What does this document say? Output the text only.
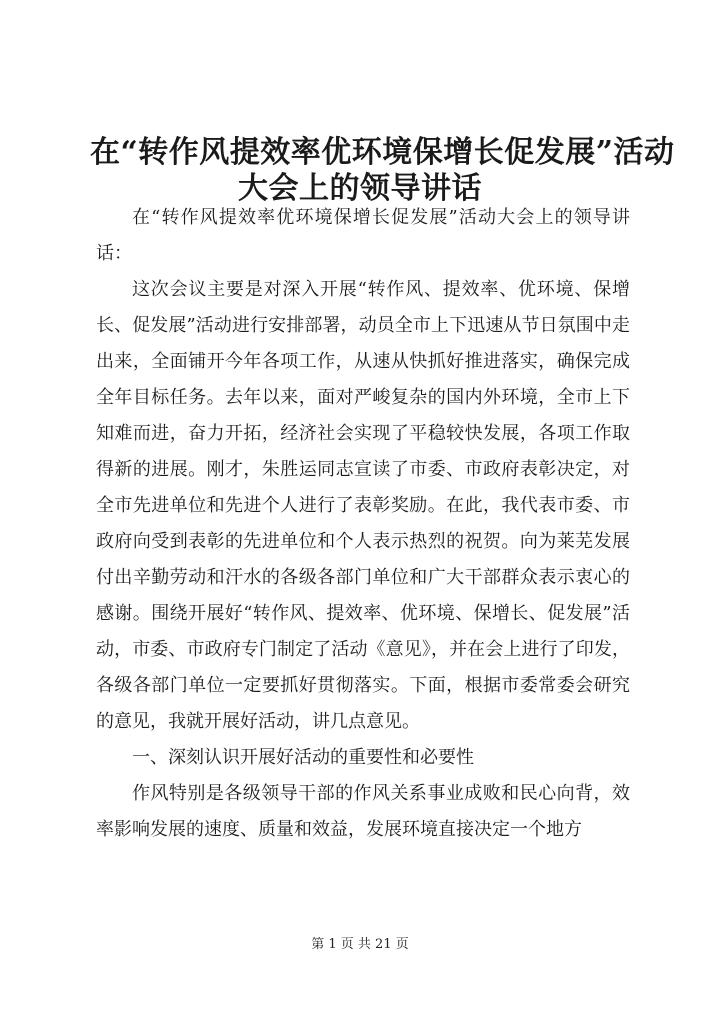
在“转作风提效率优环境保增长促发展”活动
大会上的领导讲话

在“转作风提效率优环境保增长促发展”活动大会上的领导讲话：

这次会议主要是对深入开展“转作风、提效率、优环境、保增长、促发展”活动进行安排部署，动员全市上下迅速从节日氛围中走出来，全面铺开今年各项工作，从速从快抓好推进落实，确保完成全年目标任务。去年以来，面对严峻复杂的国内外环境，全市上下知难而进，奋力开拓，经济社会实现了平稳较快发展，各项工作取得新的进展。刚才，朱胜运同志宣读了市委、市政府表彰决定，对全市先进单位和先进个人进行了表彰奖励。在此，我代表市委、市政府向受到表彰的先进单位和个人表示热烈的祝贺。向为莱芜发展付出辛勤劳动和汗水的各级各部门单位和广大干部群众表示衷心的感谢。围绕开展好“转作风、提效率、优环境、保增长、促发展”活动，市委、市政府专门制定了活动《意见》，并在会上进行了印发，各级各部门单位一定要抓好贯彻落实。下面，根据市委常委会研究的意见，我就开展好活动，讲几点意见。

一、深刻认识开展好活动的重要性和必要性

作风特别是各级领导干部的作风关系事业成败和民心向背，效率影响发展的速度、质量和效益，发展环境直接决定一个地方

第 1 页 共 21 页
